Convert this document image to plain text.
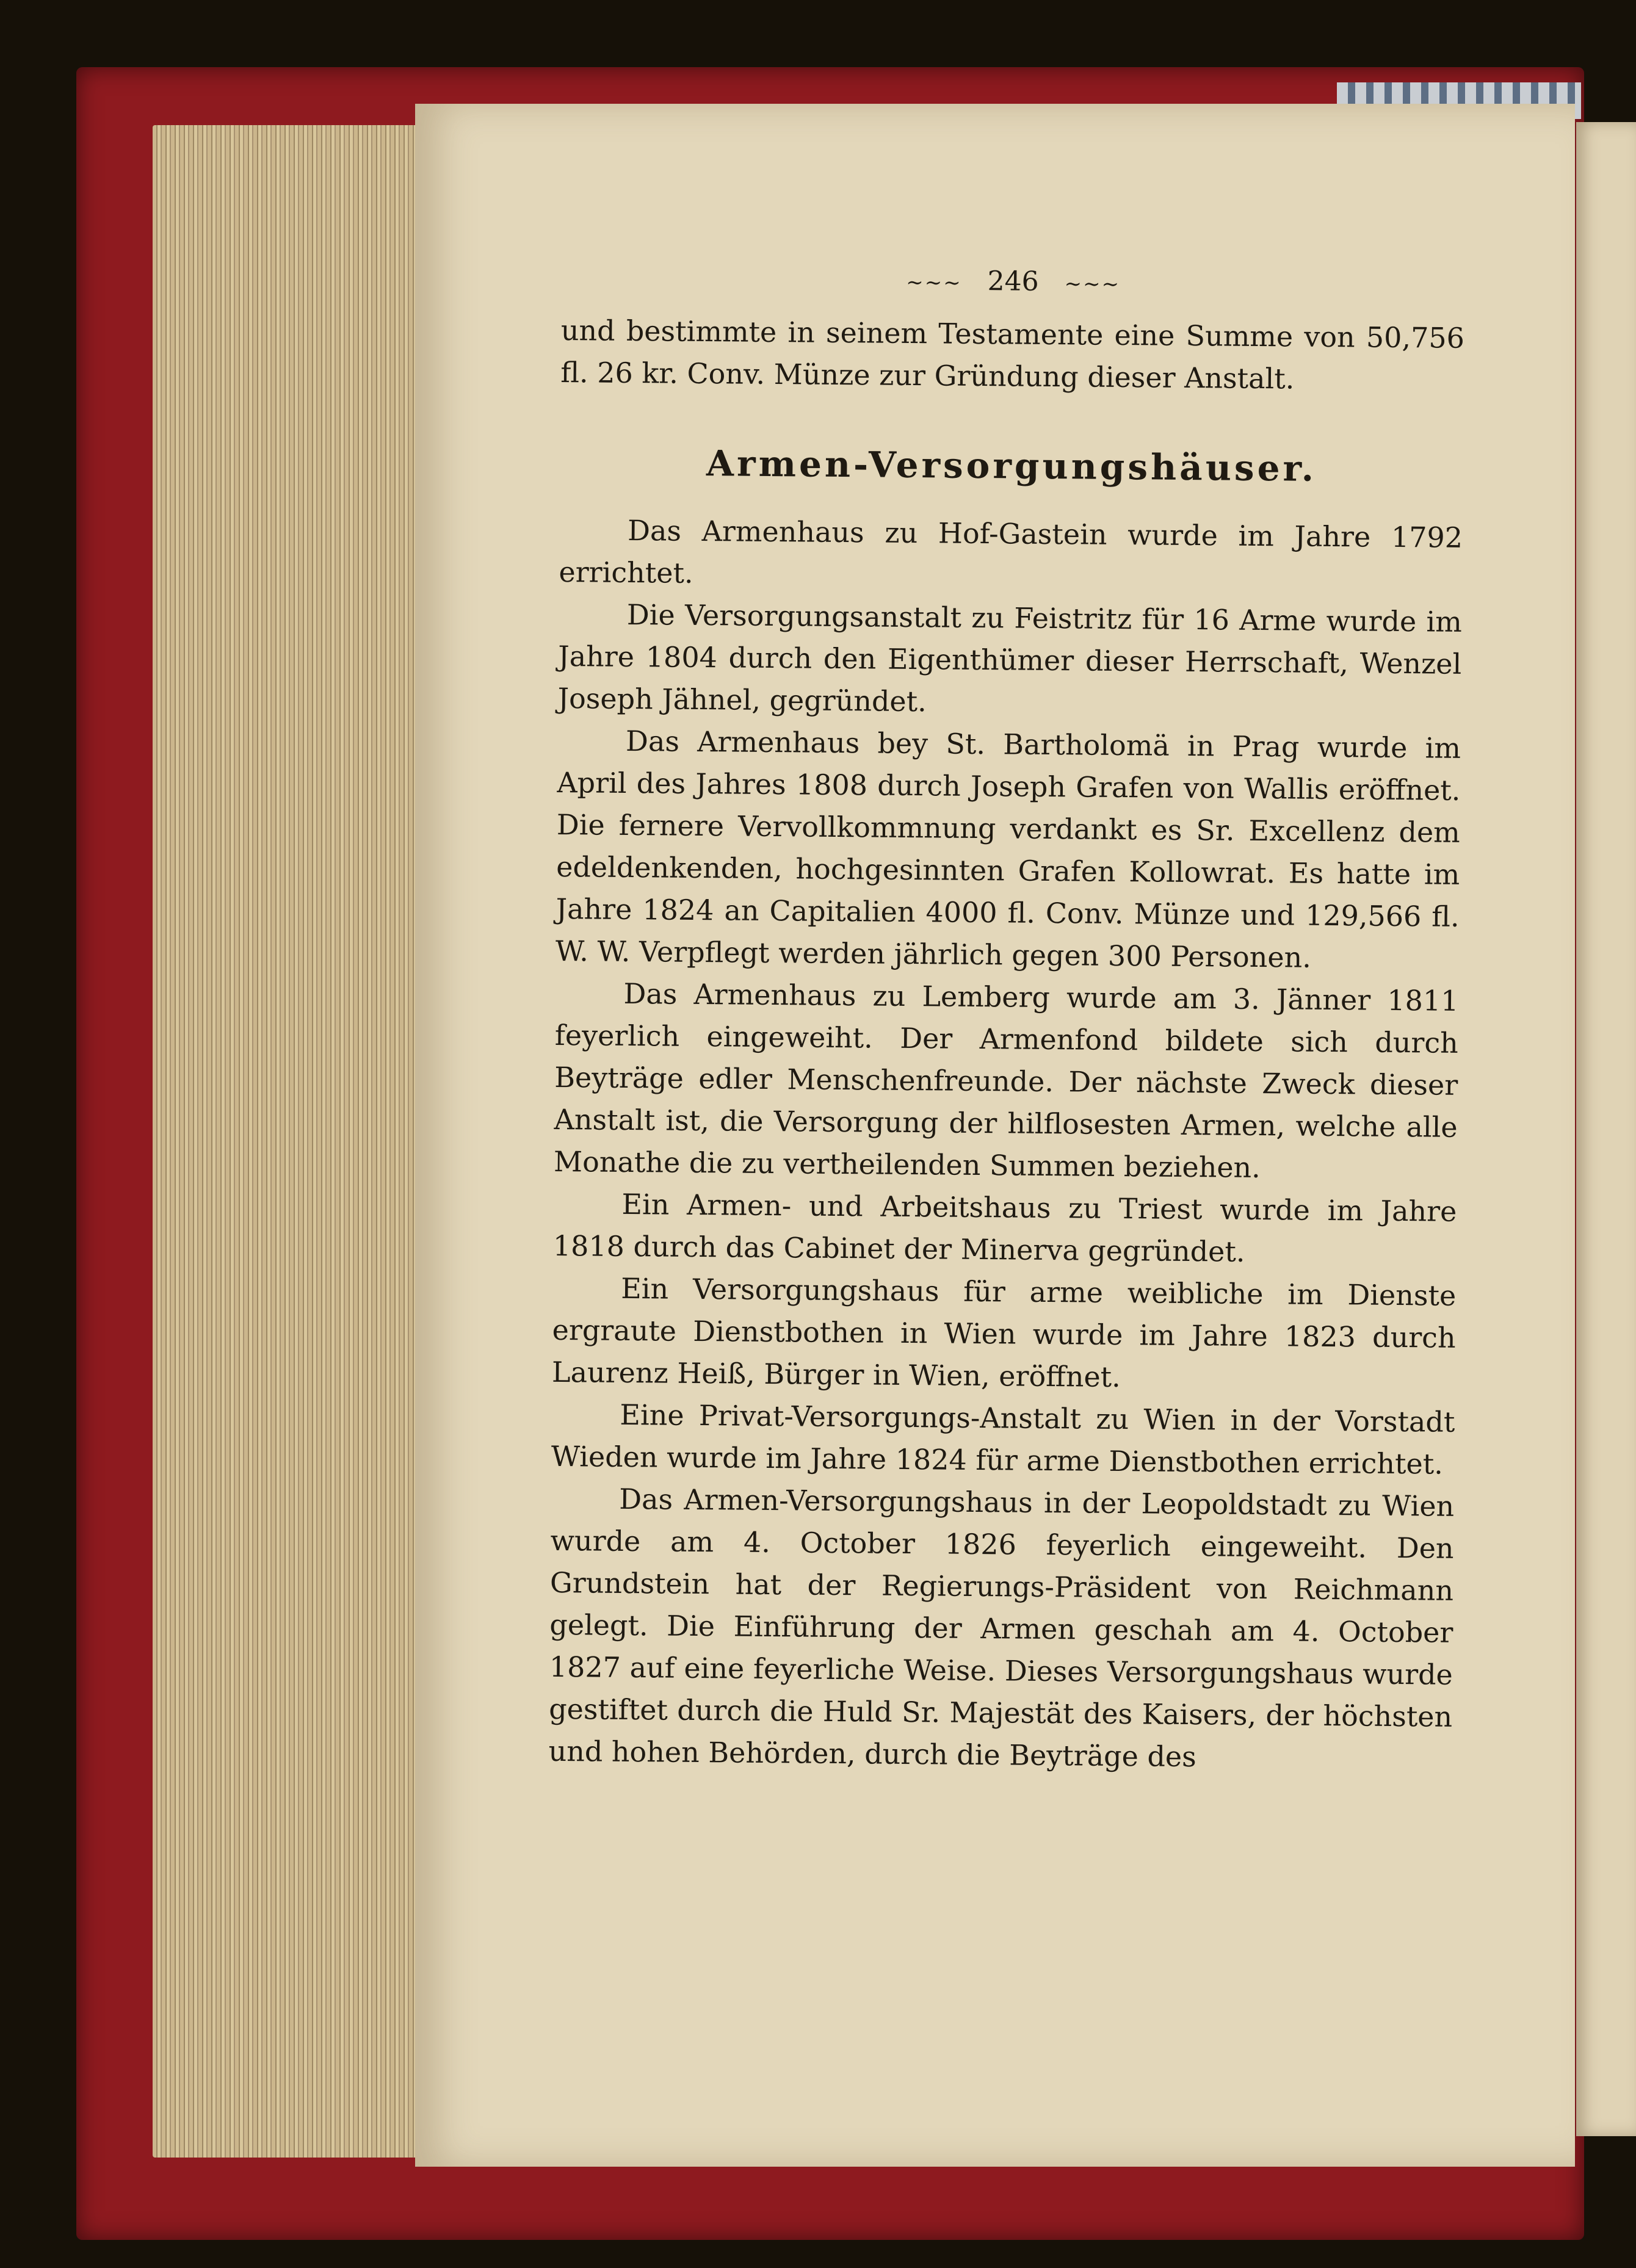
~~~ 246 ~~~

und bestimmte in seinem Testamente eine Summe von 50,756 fl. 26 kr. Conv. Münze zur Gründung dieser Anstalt.

Armen-Versorgungshäuser.

Das Armenhaus zu Hof-Gastein wurde im Jahre 1792 errichtet.

Die Versorgungsanstalt zu Feistritz für 16 Arme wurde im Jahre 1804 durch den Eigenthümer dieser Herrschaft, Wenzel Joseph Jähnel, gegründet.

Das Armenhaus bey St. Bartholomä in Prag wurde im April des Jahres 1808 durch Joseph Grafen von Wallis eröffnet. Die fernere Vervollkommnung verdankt es Sr. Excellenz dem edeldenkenden, hochgesinnten Grafen Kollowrat. Es hatte im Jahre 1824 an Capitalien 4000 fl. Conv. Münze und 129,566 fl. W. W. Verpflegt werden jährlich gegen 300 Personen.

Das Armenhaus zu Lemberg wurde am 3. Jänner 1811 feyerlich eingeweiht. Der Armenfond bildete sich durch Beyträge edler Menschenfreunde. Der nächste Zweck dieser Anstalt ist, die Versorgung der hilflosesten Armen, welche alle Monathe die zu vertheilenden Summen beziehen.

Ein Armen- und Arbeitshaus zu Triest wurde im Jahre 1818 durch das Cabinet der Minerva gegründet.

Ein Versorgungshaus für arme weibliche im Dienste ergraute Dienstbothen in Wien wurde im Jahre 1823 durch Laurenz Heiß, Bürger in Wien, eröffnet.

Eine Privat-Versorgungs-Anstalt zu Wien in der Vorstadt Wieden wurde im Jahre 1824 für arme Dienstbothen errichtet.

Das Armen-Versorgungshaus in der Leopoldstadt zu Wien wurde am 4. October 1826 feyerlich eingeweiht. Den Grundstein hat der Regierungs-Präsident von Reichmann gelegt. Die Einführung der Armen geschah am 4. October 1827 auf eine feyerliche Weise. Dieses Versorgungshaus wurde gestiftet durch die Huld Sr. Majestät des Kaisers, der höchsten und hohen Behörden, durch die Beyträge des
